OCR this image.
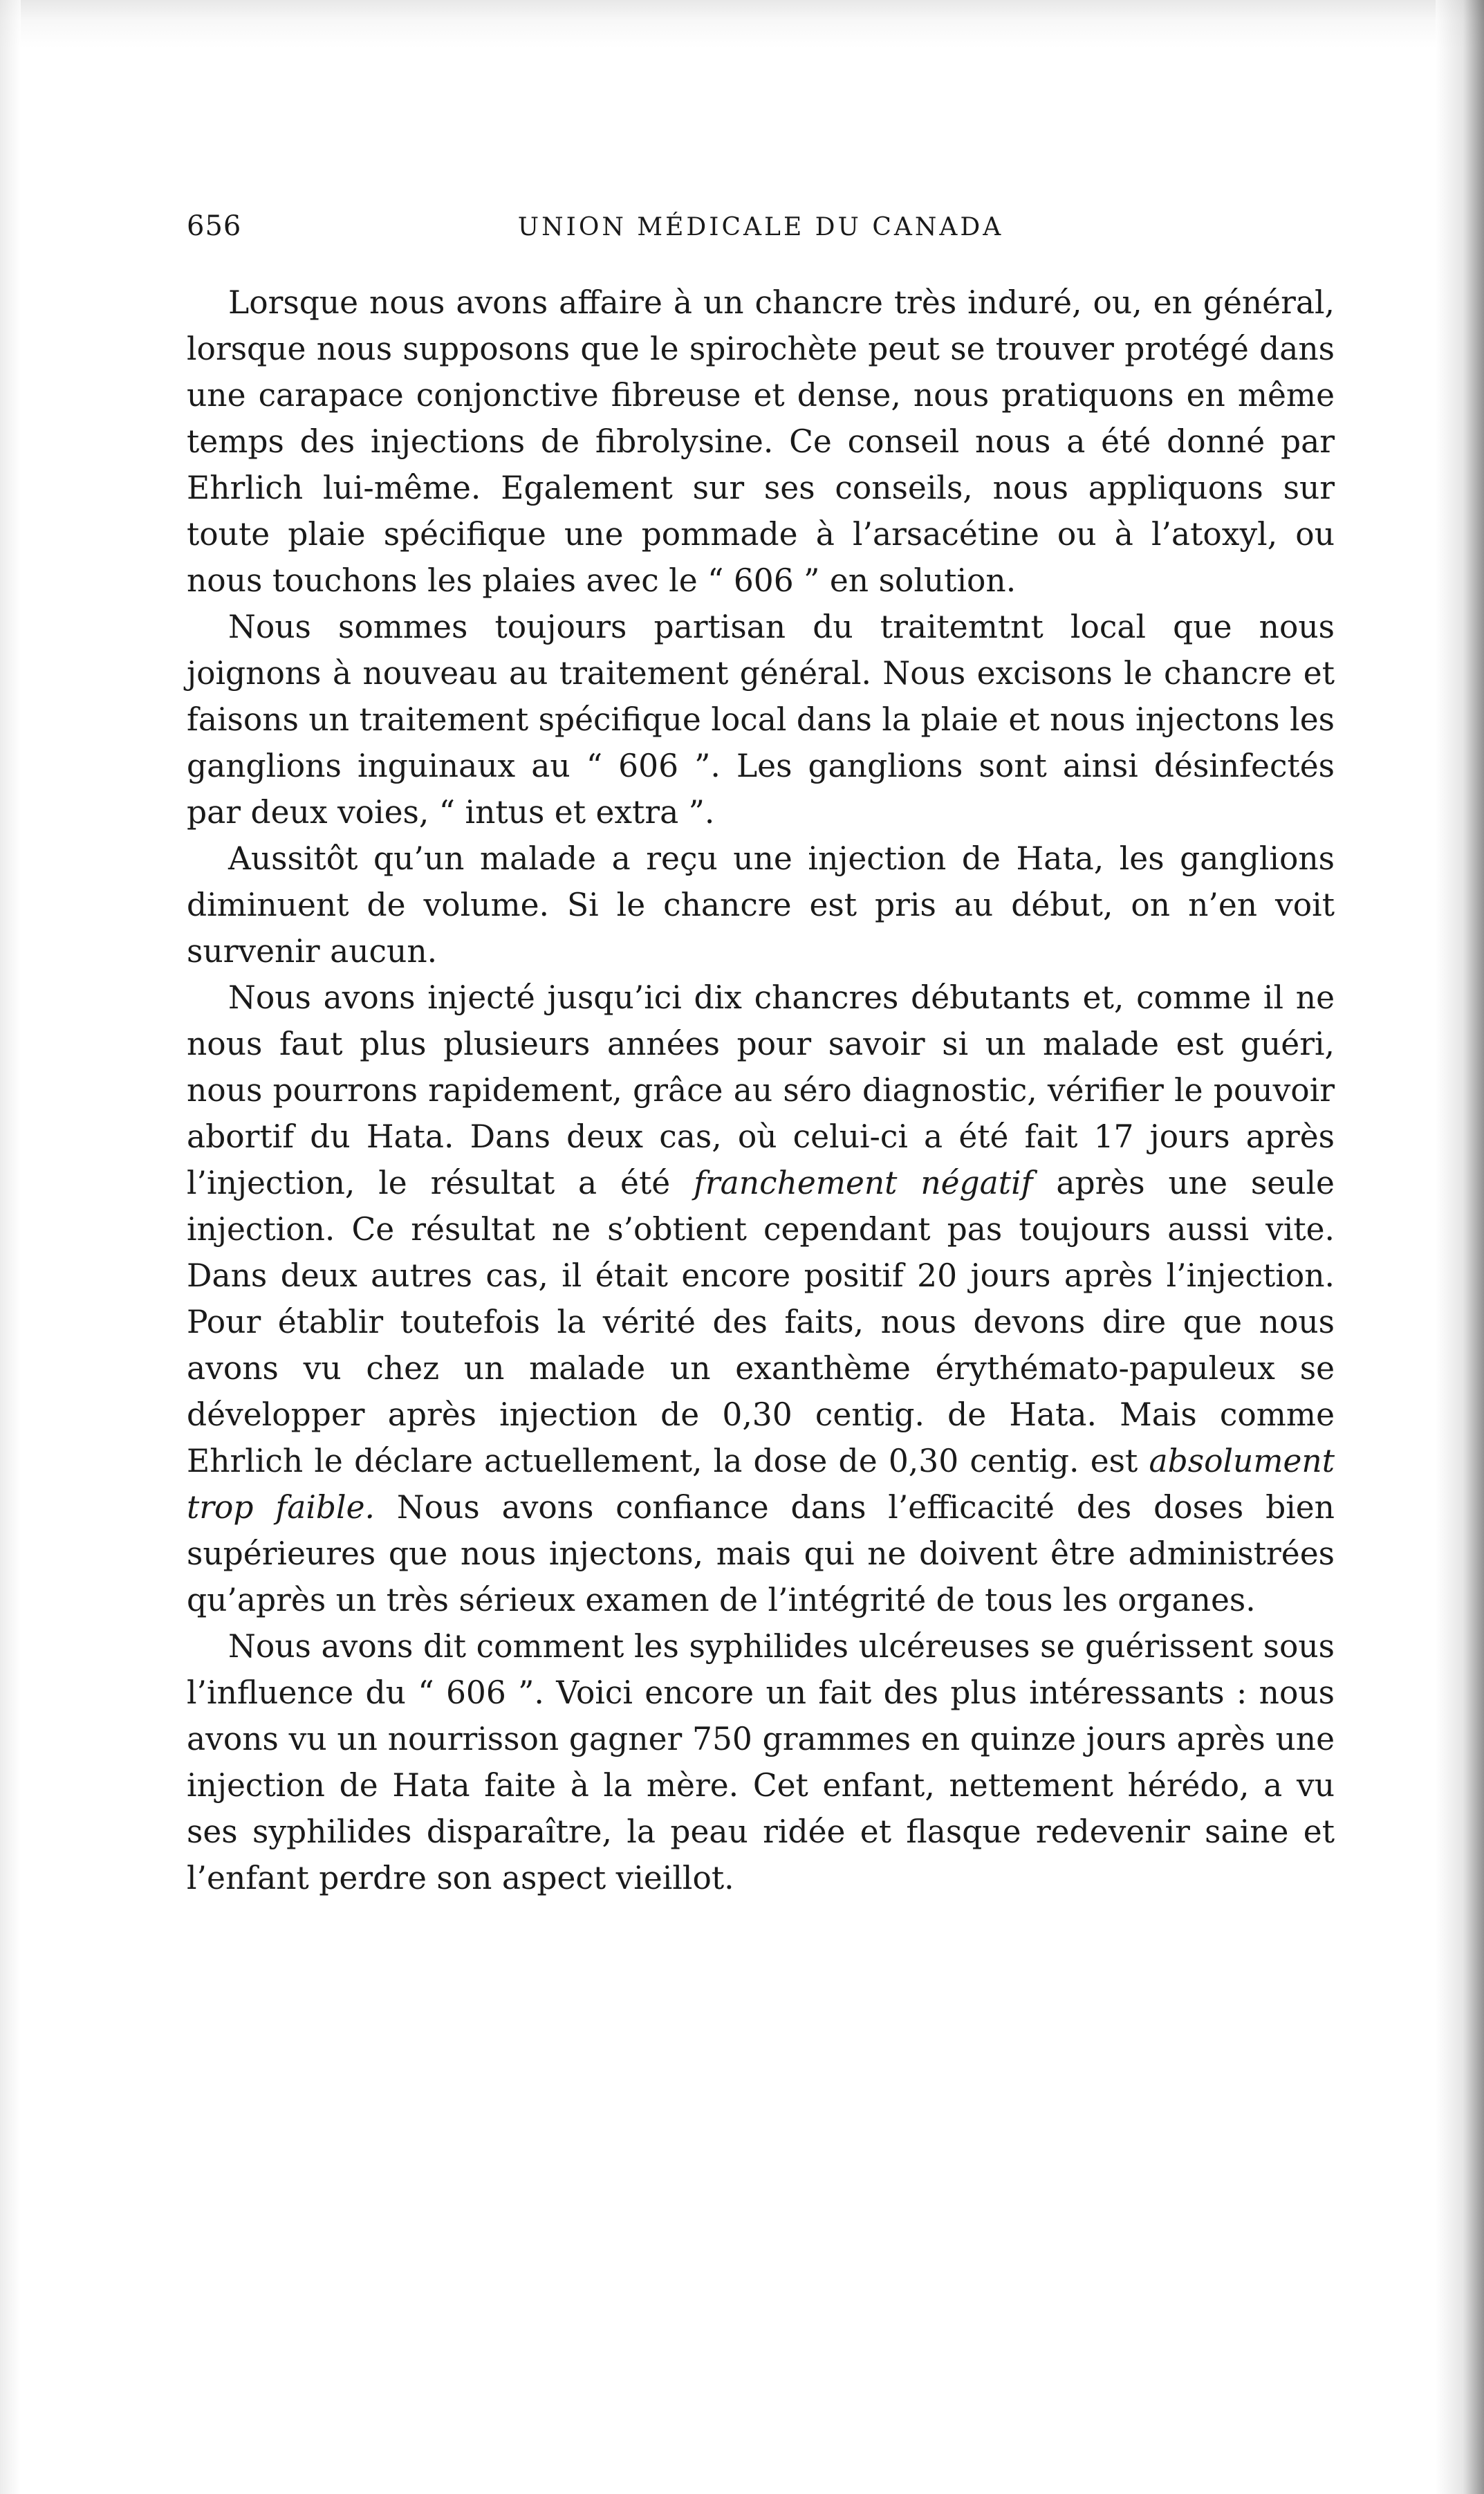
656	UNION MÉDICALE DU CANADA

Lorsque nous avons affaire à un chancre très induré, ou, en général, lorsque nous supposons que le spirochète peut se trouver protégé dans une carapace conjonctive fibreuse et dense, nous pratiquons en même temps des injections de fibrolysine. Ce conseil nous a été donné par Ehrlich lui-même. Egalement sur ses conseils, nous appliquons sur toute plaie spécifique une pommade à l’arsacétine ou à l’atoxyl, ou nous touchons les plaies avec le “ 606 ” en solution.

Nous sommes toujours partisan du traitemtnt local que nous joignons à nouveau au traitement général. Nous excisons le chancre et faisons un traitement spécifique local dans la plaie et nous injectons les ganglions inguinaux au “ 606 ”. Les ganglions sont ainsi désinfectés par deux voies, “ intus et extra ”.

Aussitôt qu’un malade a reçu une injection de Hata, les ganglions diminuent de volume. Si le chancre est pris au début, on n’en voit survenir aucun.

Nous avons injecté jusqu’ici dix chancres débutants et, comme il ne nous faut plus plusieurs années pour savoir si un malade est guéri, nous pourrons rapidement, grâce au séro diagnostic, vérifier le pouvoir abortif du Hata. Dans deux cas, où celui-ci a été fait 17 jours après l’injection, le résultat a été franchement négatif après une seule injection. Ce résultat ne s’obtient cependant pas toujours aussi vite. Dans deux autres cas, il était encore positif 20 jours après l’injection. Pour établir toutefois la vérité des faits, nous devons dire que nous avons vu chez un malade un exanthème érythémato-papuleux se développer après injection de 0,30 centig. de Hata. Mais comme Ehrlich le déclare actuellement, la dose de 0,30 centig. est absolument trop faible. Nous avons confiance dans l’efficacité des doses bien supérieures que nous injectons, mais qui ne doivent être administrées qu’après un très sérieux examen de l’intégrité de tous les organes.

Nous avons dit comment les syphilides ulcéreuses se guérissent sous l’influence du “ 606 ”. Voici encore un fait des plus intéressants : nous avons vu un nourrisson gagner 750 grammes en quinze jours après une injection de Hata faite à la mère. Cet enfant, nettement hérédo, a vu ses syphilides disparaître, la peau ridée et flasque redevenir saine et l’enfant perdre son aspect vieillot.
